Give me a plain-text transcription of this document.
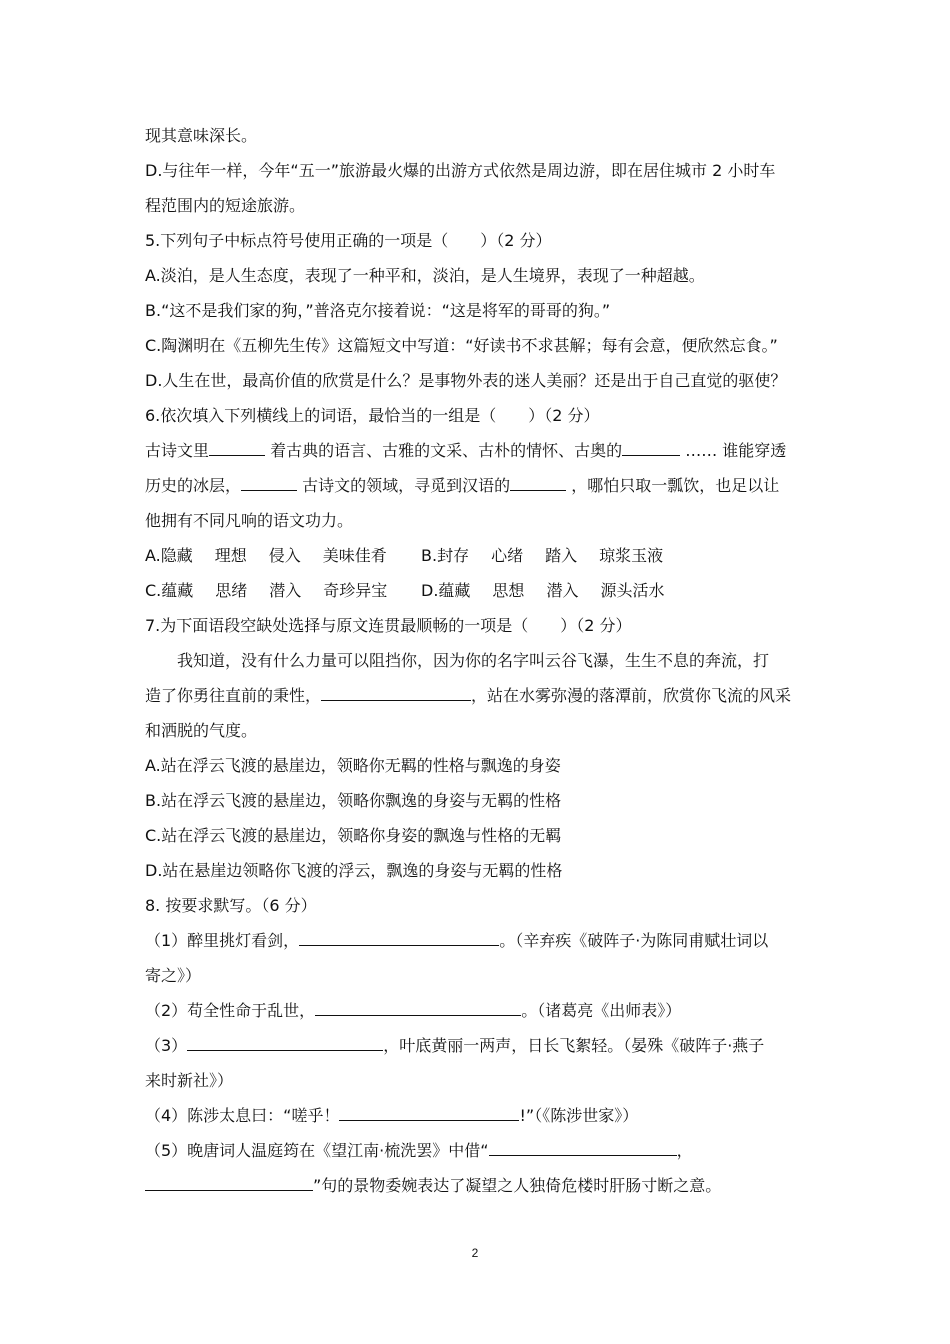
现其意味深长。
D.与往年一样，今年“五一”旅游最火爆的出游方式依然是周边游，即在居住城市 2 小时车
程范围内的短途旅游。
5.下列句子中标点符号使用正确的一项是（　　）（2 分）
A.淡泊，是人生态度，表现了一种平和，淡泊，是人生境界，表现了一种超越。
B.“这不是我们家的狗，”普洛克尔接着说：“这是将军的哥哥的狗。”
C.陶渊明在《五柳先生传》这篇短文中写道：“好读书不求甚解；每有会意，便欣然忘食。”
D.人生在世，最高价值的欣赏是什么？是事物外表的迷人美丽？还是出于自己直觉的驱使？
6.依次填入下列横线上的词语，最恰当的一组是（　　）（2 分）
古诗文里	着古典的语言、古雅的文采、古朴的情怀、古奥的	…… 谁能穿透
历史的冰层，	古诗文的领域，寻觅到汉语的	，哪怕只取一瓢饮，也足以让
他拥有不同凡响的语文功力。
A.隐藏 理想 侵入 美味佳肴 B.封存 心绪 踏入 琼浆玉液
C.蕴藏 思绪 潜入 奇珍异宝 D.蕴藏 思想 潜入 源头活水
7.为下面语段空缺处选择与原文连贯最顺畅的一项是（　　）（2 分）
我知道，没有什么力量可以阻挡你，因为你的名字叫云谷飞瀑，生生不息的奔流，打
造了你勇往直前的秉性，	，站在水雾弥漫的落潭前，欣赏你飞流的风采
和洒脱的气度。
A.站在浮云飞渡的悬崖边，领略你无羁的性格与飘逸的身姿
B.站在浮云飞渡的悬崖边，领略你飘逸的身姿与无羁的性格
C.站在浮云飞渡的悬崖边，领略你身姿的飘逸与性格的无羁
D.站在悬崖边领略你飞渡的浮云，飘逸的身姿与无羁的性格
8. 按要求默写。（6 分）
（1）醉里挑灯看剑，	。（辛弃疾《破阵子·为陈同甫赋壮词以
寄之》）
（2）苟全性命于乱世，	。（诸葛亮《出师表》）
（3）	，叶底黄丽一两声，日长飞絮轻。（晏殊《破阵子·燕子
来时新社》）
（4）陈涉太息曰：“嗟乎！	!”（《陈涉世家》）
（5）晚唐词人温庭筠在《望江南·梳洗罢》中借“	，
”句的景物委婉表达了凝望之人独倚危楼时肝肠寸断之意。
2
